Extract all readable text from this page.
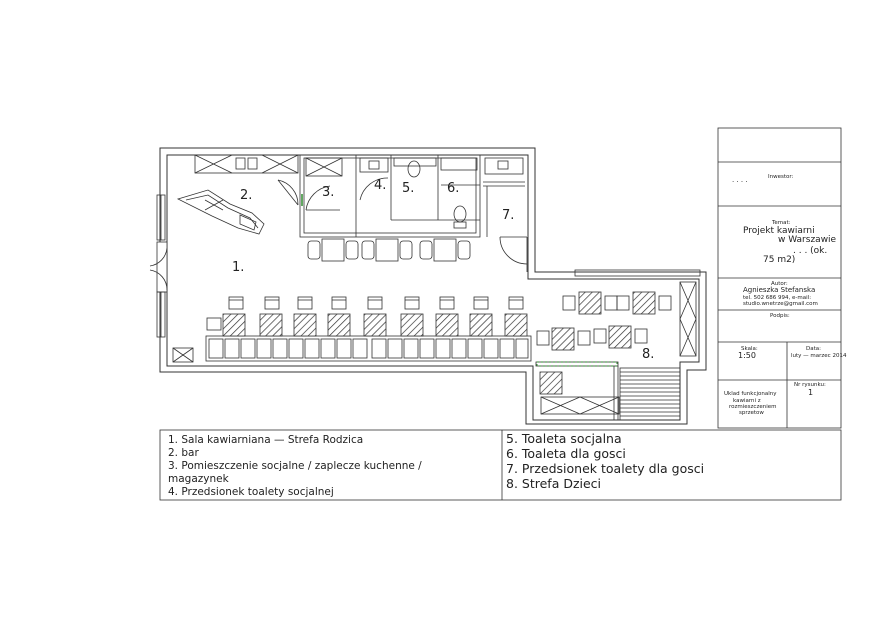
1.
2.	3.	4. 5.	6.
7.
8.
Inwestor:
. . . .
Temat:
Projekt kawiarni
w Warszawie
. . . (ok.
75 m2)
Autor:
Agnieszka Stefanska
tel. 502 686 994, e-mail:
studio.wnetrze@gmail.com
Podpis:
Skala:
1:50
Data:
luty — marzec 2014
Uklad funkcjonalny
kawiarni z
rozmieszczeniem
sprzetow
Nr rysunku:
1
1. Sala kawiarniana — Strefa Rodzica
2. bar
3. Pomieszczenie socjalne / zaplecze kuchenne /
magazynek
4. Przedsionek toalety socjalnej
5. Toaleta socjalna
6. Toaleta dla gosci
7. Przedsionek toalety dla gosci
8. Strefa Dzieci
